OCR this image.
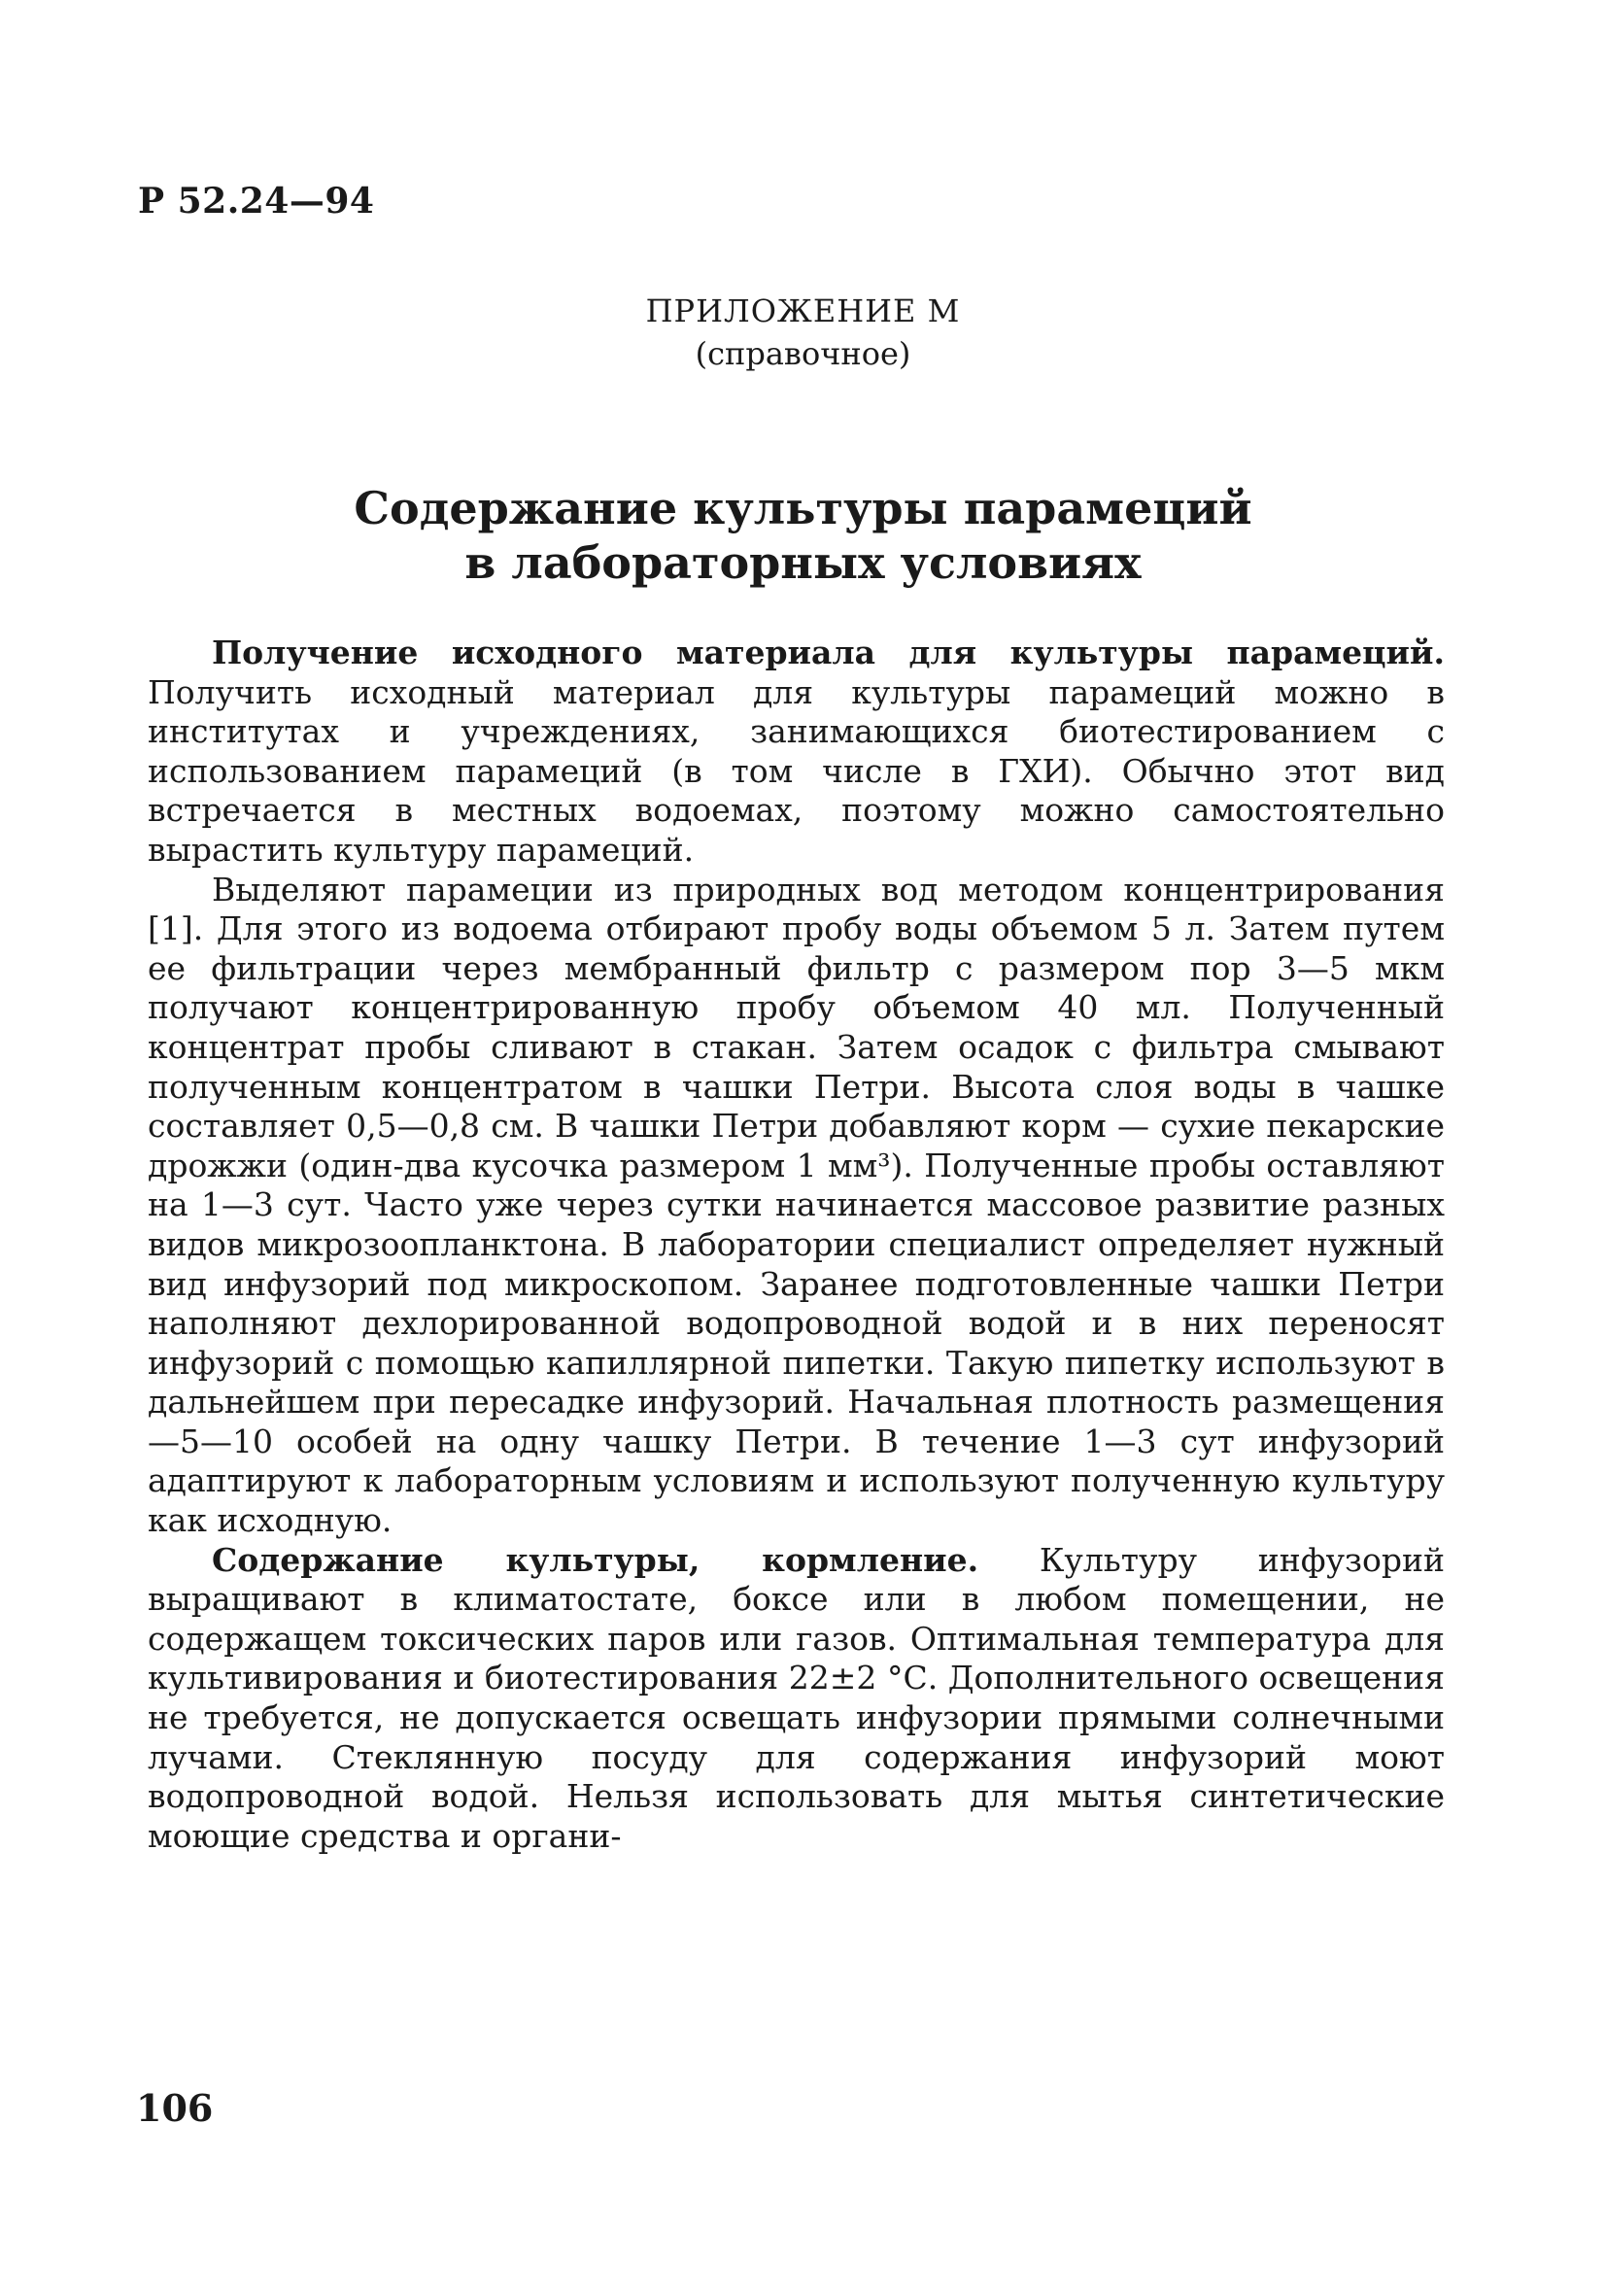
Р 52.24—94
ПРИЛОЖЕНИЕ М
(справочное)
Содержание культуры парамеций
в лабораторных условиях

Получение исходного материала для культуры парамеций. Получить исходный материал для культуры парамеций можно в институтах и учреждениях, занимающихся биотестированием с использованием парамеций (в том числе в ГХИ). Обычно этот вид встречается в местных водоемах, поэтому можно самостоятельно вырастить культуру парамеций.

Выделяют парамеции из природных вод методом концентрирования [1]. Для этого из водоема отбирают пробу воды объемом 5 л. Затем путем ее фильтрации через мембранный фильтр с размером пор 3—5 мкм получают концентрированную пробу объемом 40 мл. Полученный концентрат пробы сливают в стакан. Затем осадок с фильтра смывают полученным концентратом в чашки Петри. Высота слоя воды в чашке составляет 0,5—0,8 см. В чашки Петри добавляют корм — сухие пекарские дрожжи (один-два кусочка размером 1 мм³). Полученные пробы оставляют на 1—3 сут. Часто уже через сутки начинается массовое развитие разных видов микрозоопланктона. В лаборатории специалист определяет нужный вид инфузорий под микроскопом. Заранее подготовленные чашки Петри наполняют дехлорированной водопроводной водой и в них переносят инфузорий с помощью капиллярной пипетки. Такую пипетку используют в дальнейшем при пересадке инфузорий. Начальная плотность размещения —5—10 особей на одну чашку Петри. В течение 1—3 сут инфузорий адаптируют к лабораторным условиям и используют полученную культуру как исходную.

Содержание культуры, кормление. Культуру инфузорий выращивают в климатостате, боксе или в любом помещении, не содержащем токсических паров или газов. Оптимальная температура для культивирования и биотестирования 22±2 °С. Дополнительного освещения не требуется, не допускается освещать инфузории прямыми солнечными лучами. Стеклянную посуду для содержания инфузорий моют водопроводной водой. Нельзя использовать для мытья синтетические моющие средства и органи-

106
